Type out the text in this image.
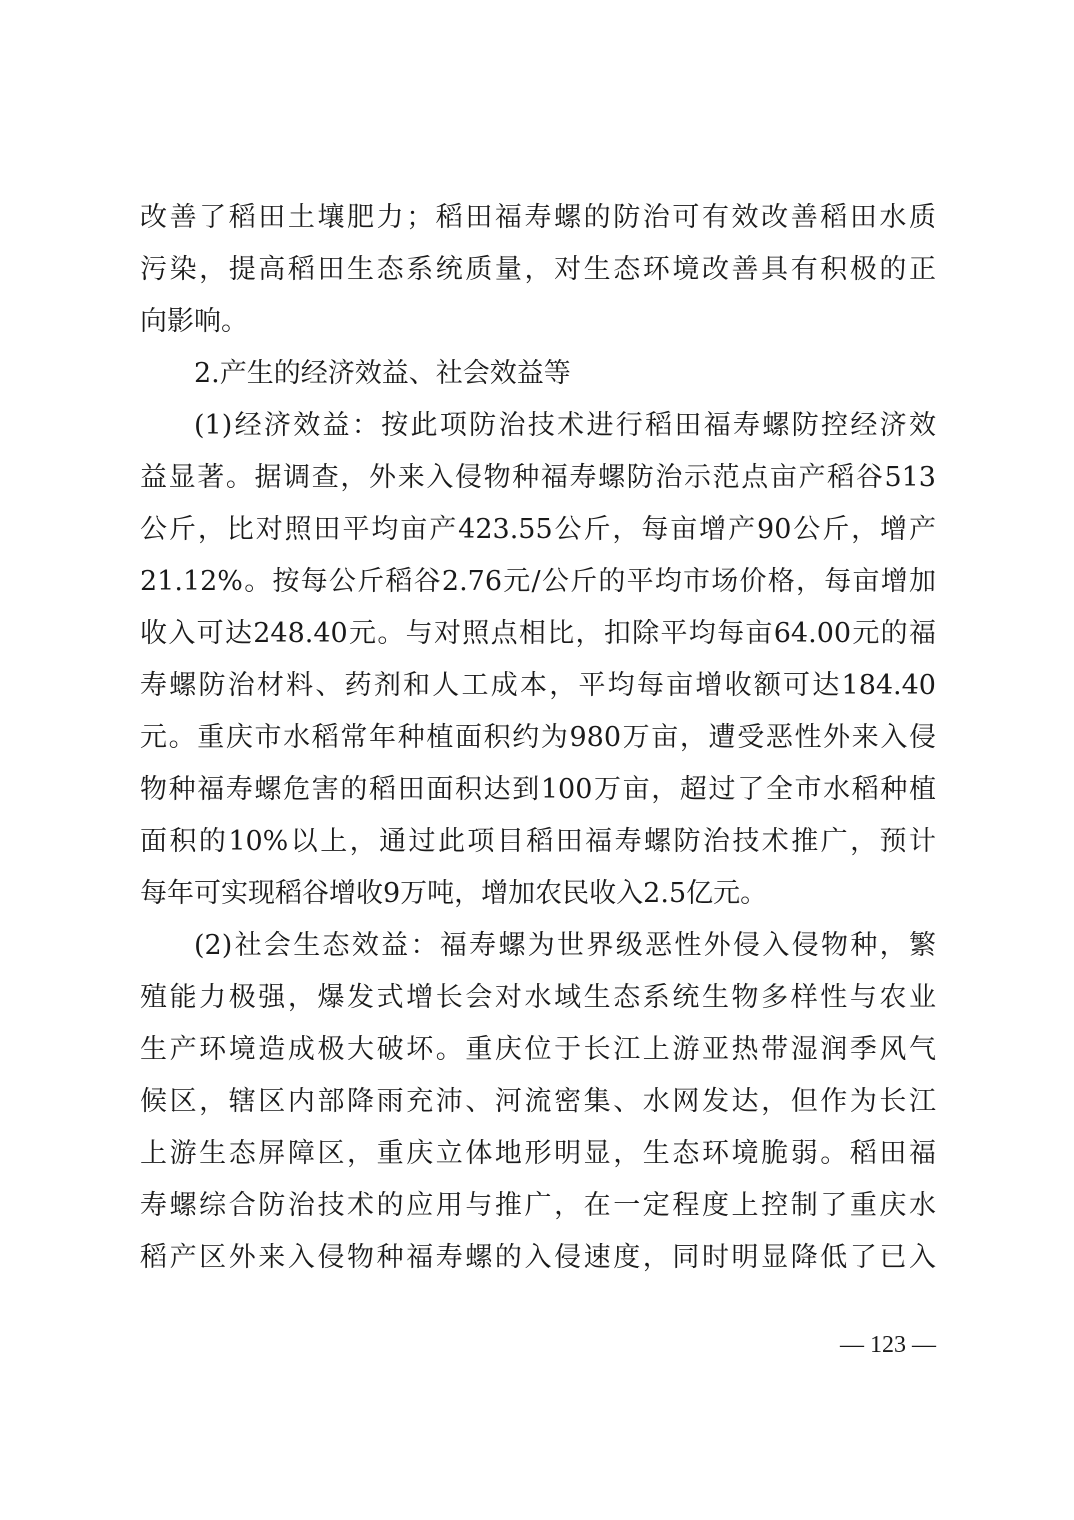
改善了稻田土壤肥力；稻田福寿螺的防治可有效改善稻田水质
污染，提高稻田生态系统质量，对生态环境改善具有积极的正
向影响。
2.产生的经济效益、社会效益等
(1)经济效益：按此项防治技术进行稻田福寿螺防控经济效
益显著。据调查，外来入侵物种福寿螺防治示范点亩产稻谷513
公斤，比对照田平均亩产423.55公斤，每亩增产90公斤，增产
21.12%。按每公斤稻谷2.76元/公斤的平均市场价格，每亩增加
收入可达248.40元。与对照点相比，扣除平均每亩64.00元的福
寿螺防治材料、药剂和人工成本，平均每亩增收额可达184.40
元。重庆市水稻常年种植面积约为980万亩，遭受恶性外来入侵
物种福寿螺危害的稻田面积达到100万亩，超过了全市水稻种植
面积的10%以上，通过此项目稻田福寿螺防治技术推广，预计
每年可实现稻谷增收9万吨，增加农民收入2.5亿元。
(2)社会生态效益：福寿螺为世界级恶性外侵入侵物种，繁
殖能力极强，爆发式增长会对水域生态系统生物多样性与农业
生产环境造成极大破坏。重庆位于长江上游亚热带湿润季风气
候区，辖区内部降雨充沛、河流密集、水网发达，但作为长江
上游生态屏障区，重庆立体地形明显，生态环境脆弱。稻田福
寿螺综合防治技术的应用与推广，在一定程度上控制了重庆水
稻产区外来入侵物种福寿螺的入侵速度，同时明显降低了已入
— 123 —
